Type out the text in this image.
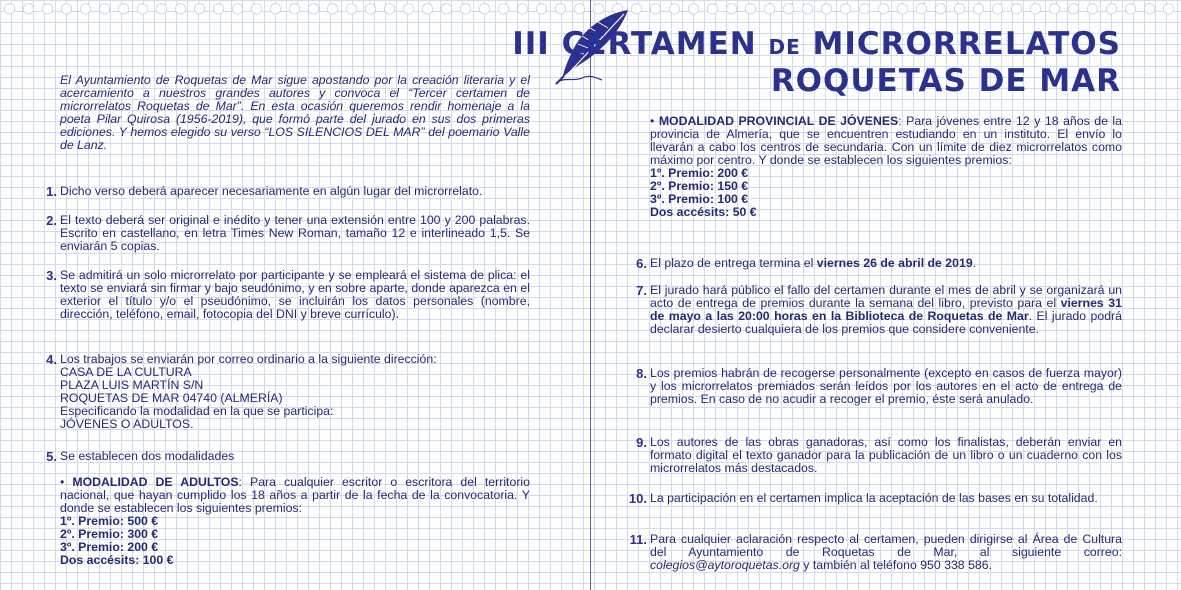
III CERTAMEN DE MICRORRELATOS
ROQUETAS DE MAR
El Ayuntamiento de Roquetas de Mar sigue apostando por la creación literaria y el acercamiento a nuestros grandes autores y convoca el “Tercer certamen de microrrelatos Roquetas de Mar”. En esta ocasión queremos rendir homenaje a la poeta Pilar Quirosa (1956-2019), que formó parte del jurado en sus dos primeras ediciones. Y hemos elegido su verso “LOS SILENCIOS DEL MAR” del poemario Valle de Lanz.
1. Dicho verso deberá aparecer necesariamente en algún lugar del microrrelato.
2. El texto deberá ser original e inédito y tener una extensión entre 100 y 200 palabras. Escrito en castellano, en letra Times New Roman, tamaño 12 e interlineado 1,5. Se enviarán 5 copias.
3. Se admitirá un solo microrrelato por participante y se empleará el sistema de plica: el texto se enviará sin firmar y bajo seudónimo, y en sobre aparte, donde aparezca en el exterior el título y/o el pseudónimo, se incluirán los datos personales (nombre, dirección, teléfono, email, fotocopia del DNI y breve currículo).
4. Los trabajos se enviarán por correo ordinario a la siguiente dirección:
CASA DE LA CULTURA
PLAZA LUIS MARTÍN S/N
ROQUETAS DE MAR 04740 (ALMERÍA)
Especificando la modalidad en la que se participa:
JÓVENES O ADULTOS.
5. Se establecen dos modalidades
• MODALIDAD DE ADULTOS: Para cualquier escritor o escritora del territorio nacional, que hayan cumplido los 18 años a partir de la fecha de la convocatoria. Y donde se establecen los siguientes premios:
1º. Premio: 500 €
2º. Premio: 300 €
3º. Premio: 200 €
Dos accésits: 100 €
• MODALIDAD PROVINCIAL DE JÓVENES: Para jóvenes entre 12 y 18 años de la provincia de Almería, que se encuentren estudiando en un instituto. El envío lo llevarán a cabo los centros de secundaria. Con un límite de diez microrrelatos como máximo por centro. Y donde se establecen los siguientes premios:
1º. Premio: 200 €
2º. Premio: 150 €
3º. Premio: 100 €
Dos accésits: 50 €
6. El plazo de entrega termina el viernes 26 de abril de 2019.
7. El jurado hará público el fallo del certamen durante el mes de abril y se organizará un acto de entrega de premios durante la semana del libro, previsto para el viernes 31 de mayo a las 20:00 horas en la Biblioteca de Roquetas de Mar. El jurado podrá declarar desierto cualquiera de los premios que considere conveniente.
8. Los premios habrán de recogerse personalmente (excepto en casos de fuerza mayor) y los microrrelatos premiados serán leídos por los autores en el acto de entrega de premios. En caso de no acudir a recoger el premio, éste será anulado.
9. Los autores de las obras ganadoras, así como los finalistas, deberán enviar en formato digital el texto ganador para la publicación de un libro o un cuaderno con los microrrelatos más destacados.
10. La participación en el certamen implica la aceptación de las bases en su totalidad.
11. Para cualquier aclaración respecto al certamen, pueden dirigirse al Área de Cultura del Ayuntamiento de Roquetas de Mar, al siguiente correo: colegios@aytoroquetas.org y también al teléfono 950 338 586.
